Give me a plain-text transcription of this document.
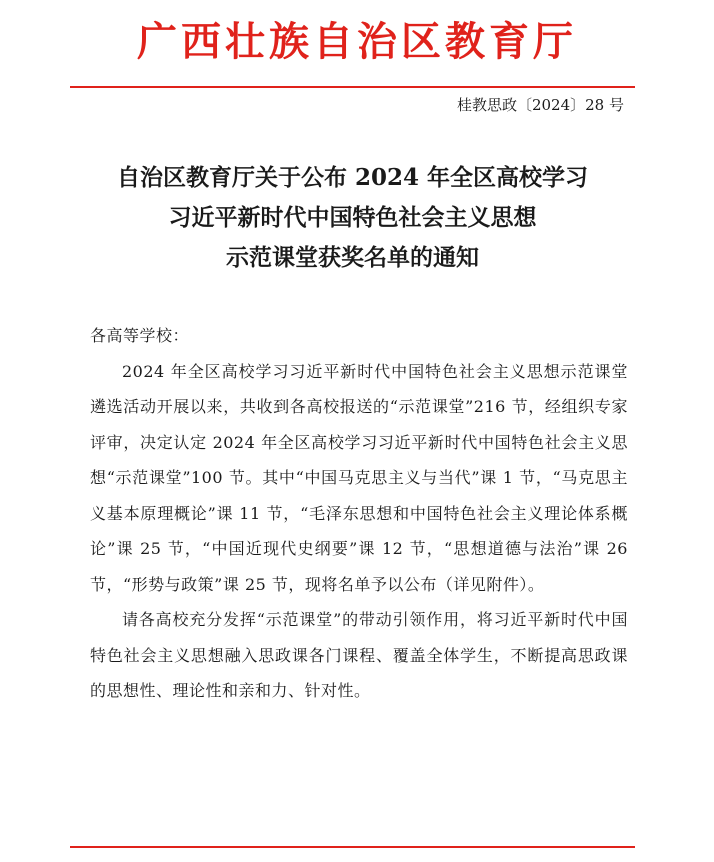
广西壮族自治区教育厅
桂教思政〔2024〕28 号
自治区教育厅关于公布 2024 年全区高校学习
习近平新时代中国特色社会主义思想
示范课堂获奖名单的通知

各高等学校：

2024 年全区高校学习习近平新时代中国特色社会主义思想示范课堂遴选活动开展以来，共收到各高校报送的“示范课堂”216 节，经组织专家评审，决定认定 2024 年全区高校学习习近平新时代中国特色社会主义思想“示范课堂”100 节。其中“中国马克思主义与当代”课 1 节，“马克思主义基本原理概论”课 11 节，“毛泽东思想和中国特色社会主义理论体系概论”课 25 节，“中国近现代史纲要”课 12 节，“思想道德与法治”课 26 节，“形势与政策”课 25 节，现将名单予以公布（详见附件）。

请各高校充分发挥“示范课堂”的带动引领作用，将习近平新时代中国特色社会主义思想融入思政课各门课程、覆盖全体学生，不断提高思政课的思想性、理论性和亲和力、针对性。
